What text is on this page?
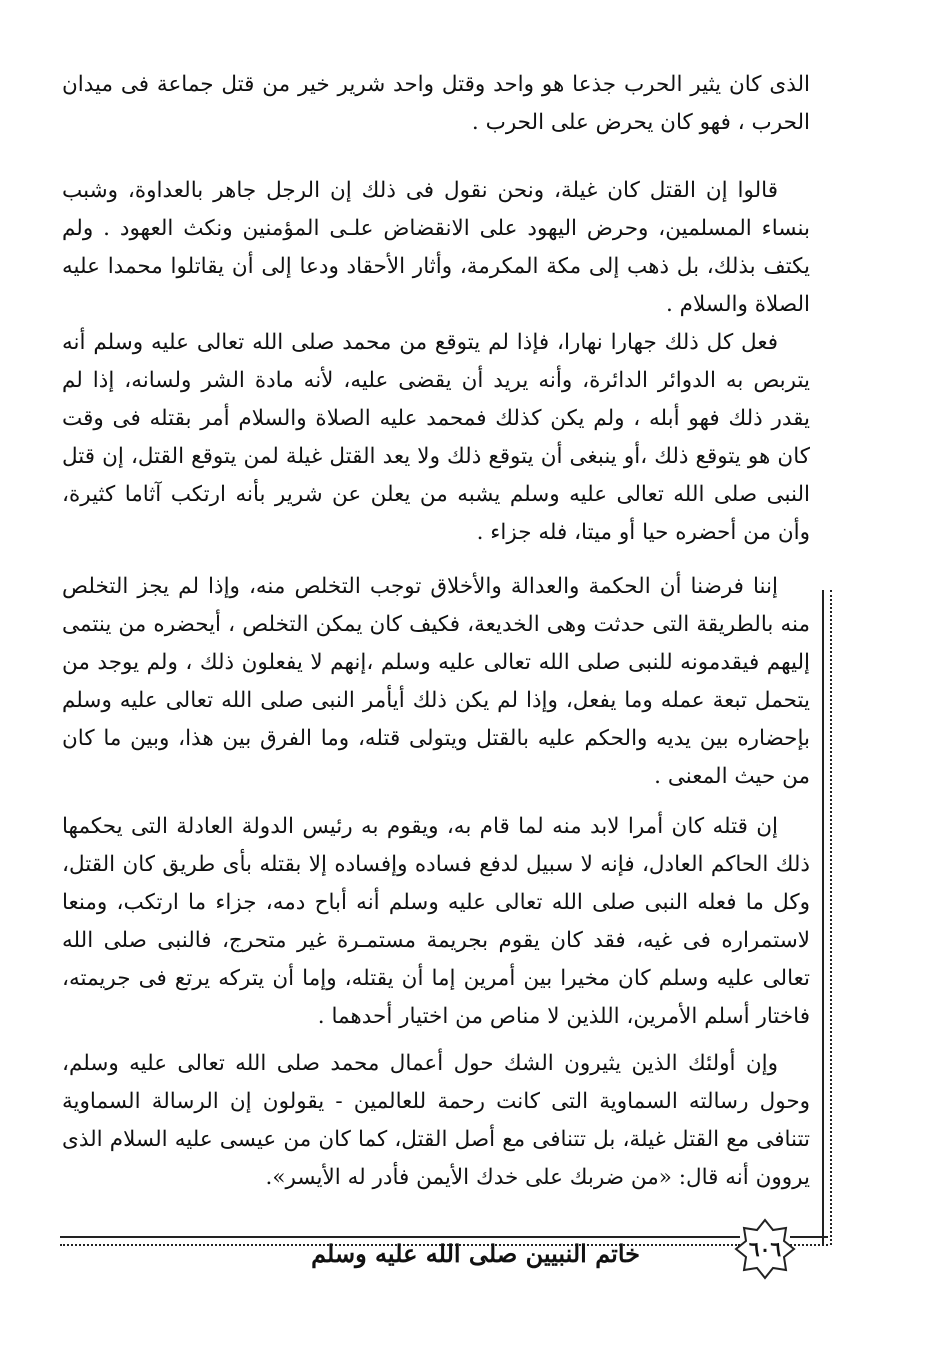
الذى كان يثير الحرب جذعا هو واحد وقتل واحد شرير خير من قتل جماعة فى ميدان الحرب ، فهو كان يحرض على الحرب .

قالوا إن القتل كان غيلة، ونحن نقول فى ذلك إن الرجل جاهر بالعداوة، وشبب بنساء المسلمين، وحرض اليهود على الانقضاض علـى المؤمنين ونكث العهود . ولم يكتف بذلك، بل ذهب إلى مكة المكرمة، وأثار الأحقاد ودعا إلى أن يقاتلوا محمدا عليه الصلاة والسلام .

فعل كل ذلك جهارا نهارا، فإذا لم يتوقع من محمد صلى الله تعالى عليه وسلم أنه يتربص به الدوائر الدائرة، وأنه يريد أن يقضى عليه، لأنه مادة الشر ولسانه، إذا لم يقدر ذلك فهو أبله ، ولم يكن كذلك فمحمد عليه الصلاة والسلام أمر بقتله فى وقت كان هو يتوقع ذلك ،أو ينبغى أن يتوقع ذلك ولا يعد القتل غيلة لمن يتوقع القتل، إن قتل النبى صلى الله تعالى عليه وسلم يشبه من يعلن عن شرير بأنه ارتكب آثاما كثيرة، وأن من أحضره حيا أو ميتا، فله جزاء .

إننا فرضنا أن الحكمة والعدالة والأخلاق توجب التخلص منه، وإذا لم يجز التخلص منه بالطريقة التى حدثت وهى الخديعة، فكيف كان يمكن التخلص ، أيحضره من ينتمى إليهم فيقدمونه للنبى صلى الله تعالى عليه وسلم ،إنهم لا يفعلون ذلك ، ولم يوجد من يتحمل تبعة عمله وما يفعل، وإذا لم يكن ذلك أيأمر النبى صلى الله تعالى عليه وسلم بإحضاره بين يديه والحكم عليه بالقتل ويتولى قتله، وما الفرق بين هذا، وبين ما كان من حيث المعنى .

إن قتله كان أمرا لابد منه لما قام به، ويقوم به رئيس الدولة العادلة التى يحكمها ذلك الحاكم العادل، فإنه لا سبيل لدفع فساده وإفساده إلا بقتله بأى طريق كان القتل، وكل ما فعله النبى صلى الله تعالى عليه وسلم أنه أباح دمه، جزاء ما ارتكب، ومنعا لاستمراره فى غيه، فقد كان يقوم بجريمة مستمـرة غير متحرج، فالنبى صلى الله تعالى عليه وسلم كان مخيرا بين أمرين إما أن يقتله، وإما أن يتركه يرتع فى جريمته، فاختار أسلم الأمرين، اللذين لا مناص من اختيار أحدهما .

وإن أولئك الذين يثيرون الشك حول أعمال محمد صلى الله تعالى عليه وسلم، وحول رسالته السماوية التى كانت رحمة للعالمين - يقولون إن الرسالة السماوية تتنافى مع القتل غيلة، بل تتنافى مع أصل القتل، كما كان من عيسى عليه السلام الذى يروون أنه قال: «من ضربك على خدك الأيمن فأدر له الأيسر».

٦٠٦
خاتم النبيين صلى الله عليه وسلم
